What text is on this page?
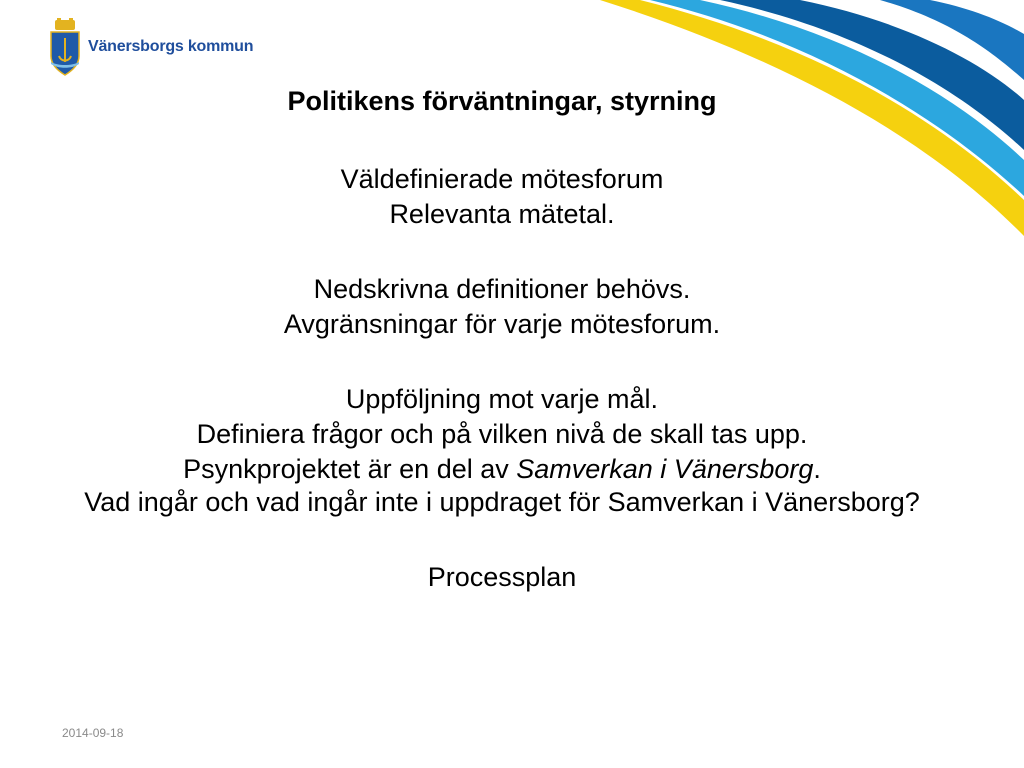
Vänersborgs kommun

Politikens förväntningar, styrning

Väldefinierade mötesforum

Relevanta mätetal.

Nedskrivna definitioner behövs.

Avgränsningar för varje mötesforum.

Uppföljning mot varje mål.

Definiera frågor och på vilken nivå de skall tas upp.

Psynkprojektet är en del av Samverkan i Vänersborg.

Vad ingår och vad ingår inte i uppdraget för Samverkan i Vänersborg?

Processplan

2014-09-18
